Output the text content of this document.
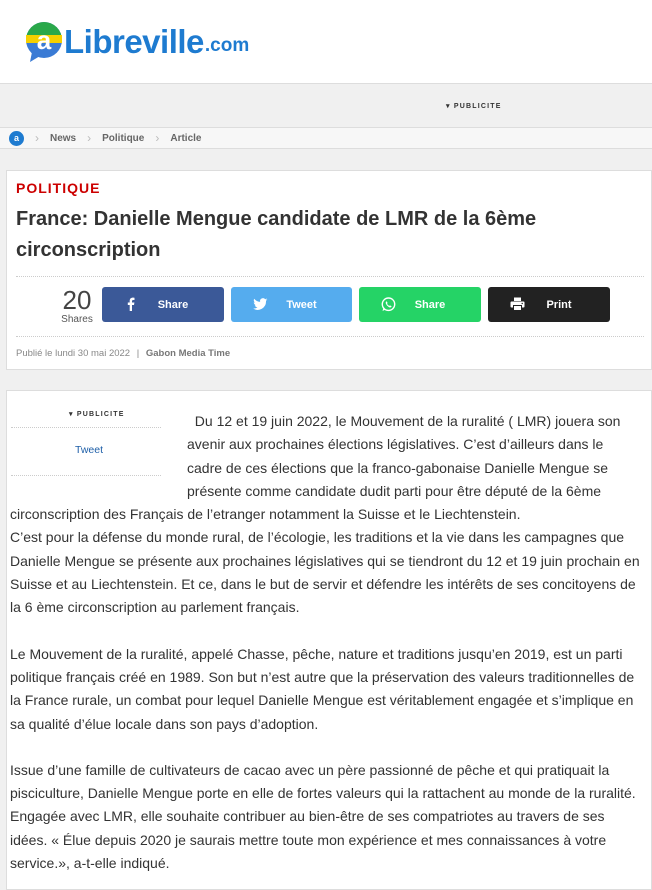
a Libreville .com
▾ PUBLICITE
a › News › Politique › Article
POLITIQUE
France: Danielle Mengue candidate de LMR de la 6ème circonscription
20
Shares
Share	Tweet	Share	Print
Publié le lundi 30 mai 2022 | Gabon Media Time
▾ PUBLICITE
Tweet

Du 12 et 19 juin 2022, le Mouvement de la ruralité ( LMR) jouera son avenir aux prochaines élections législatives. C’est d’ailleurs dans le cadre de ces élections que la franco-gabonaise Danielle Mengue se présente comme candidate dudit parti pour être député de la 6ème circonscription des Français de l’etranger notamment la Suisse et le Liechtenstein.

C’est pour la défense du monde rural, de l’écologie, les traditions et la vie dans les campagnes que Danielle Mengue se présente aux prochaines législatives qui se tiendront du 12 et 19 juin prochain en Suisse et au Liechtenstein. Et ce, dans le but de servir et défendre les intérêts de ses concitoyens de la 6 ème circonscription au parlement français.

Le Mouvement de la ruralité, appelé Chasse, pêche, nature et traditions jusqu’en 2019, est un parti politique français créé en 1989. Son but n’est autre que la préservation des valeurs traditionnelles de la France rurale, un combat pour lequel Danielle Mengue est véritablement engagée et s’implique en sa qualité d’élue locale dans son pays d’adoption.

Issue d’une famille de cultivateurs de cacao avec un père passionné de pêche et qui pratiquait la pisciculture, Danielle Mengue porte en elle de fortes valeurs qui la rattachent au monde de la ruralité. Engagée avec LMR, elle souhaite contribuer au bien-être de ses compatriotes au travers de ses idées. « Élue depuis 2020 je saurais mettre toute mon expérience et mes connaissances à votre service.», a-t-elle indiqué.
